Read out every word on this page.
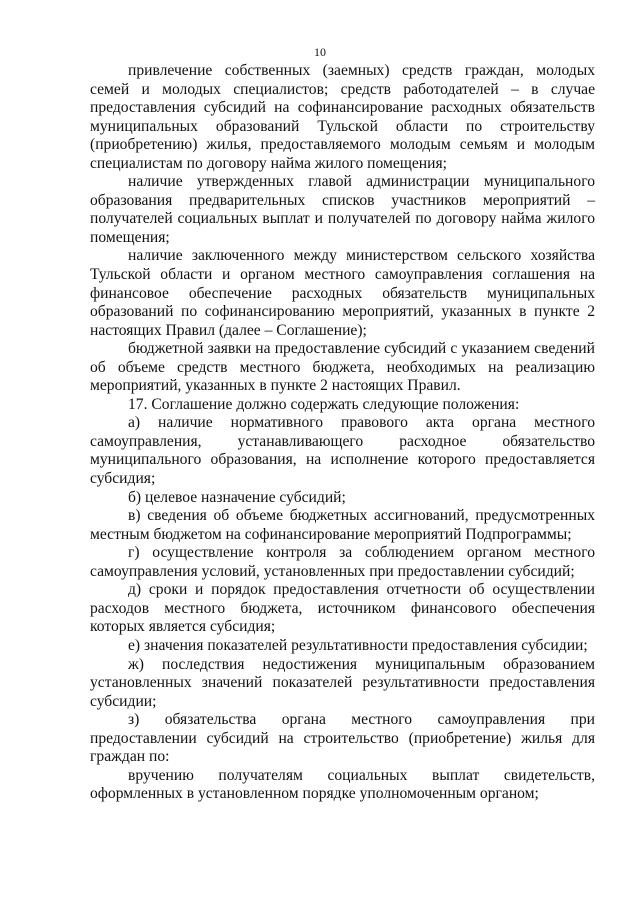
10

привлечение собственных (заемных) средств граждан, молодых семей и молодых специалистов; средств работодателей – в случае предоставления субсидий на софинансирование расходных обязательств муниципальных образований Тульской области по строительству (приобретению) жилья, предоставляемого молодым семьям и молодым специалистам по договору найма жилого помещения;

наличие утвержденных главой администрации муниципального образования предварительных списков участников мероприятий – получателей социальных выплат и получателей по договору найма жилого помещения;

наличие заключенного между министерством сельского хозяйства Тульской области и органом местного самоуправления соглашения на финансовое обеспечение расходных обязательств муниципальных образований по софинансированию мероприятий, указанных в пункте 2 настоящих Правил (далее – Соглашение);

бюджетной заявки на предоставление субсидий с указанием сведений об объеме средств местного бюджета, необходимых на реализацию мероприятий, указанных в пункте 2 настоящих Правил.

17. Соглашение должно содержать следующие положения:

а) наличие нормативного правового акта органа местного самоуправления, устанавливающего расходное обязательство муниципального образования, на исполнение которого предоставляется субсидия;

б) целевое назначение субсидий;

в) сведения об объеме бюджетных ассигнований, предусмотренных местным бюджетом на софинансирование мероприятий Подпрограммы;

г) осуществление контроля за соблюдением органом местного самоуправления условий, установленных при предоставлении субсидий;

д) сроки и порядок предоставления отчетности об осуществлении расходов местного бюджета, источником финансового обеспечения которых является субсидия;

е) значения показателей результативности предоставления субсидии;

ж) последствия недостижения муниципальным образованием установленных значений показателей результативности предоставления субсидии;

з) обязательства органа местного самоуправления при предоставлении субсидий на строительство (приобретение) жилья для граждан по:

вручению получателям социальных выплат свидетельств, оформленных в установленном порядке уполномоченным органом;
